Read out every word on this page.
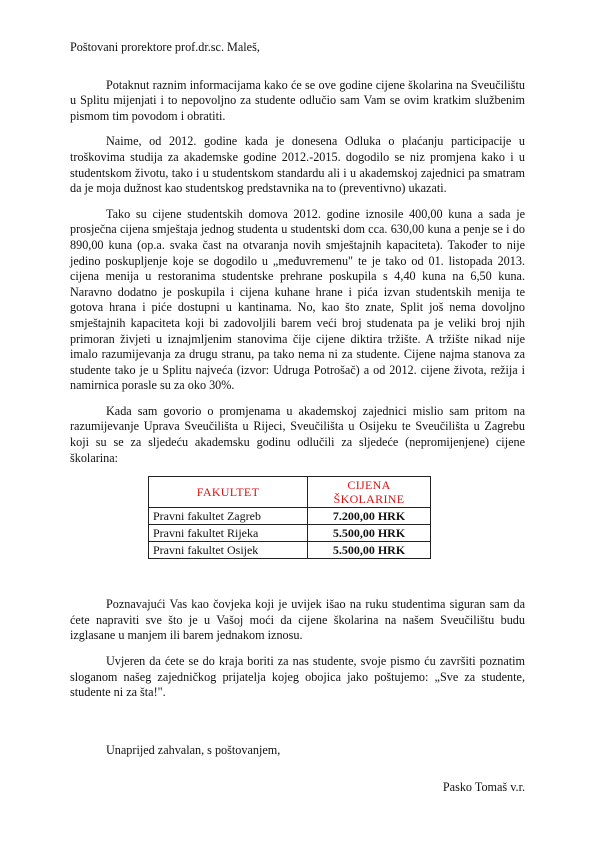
Poštovani prorektore prof.dr.sc. Maleš,

Potaknut raznim informacijama kako će se ove godine cijene školarina na Sveučilištu u Splitu mijenjati i to nepovoljno za studente odlučio sam Vam se ovim kratkim službenim pismom tim povodom i obratiti.

Naime, od 2012. godine kada je donesena Odluka o plaćanju participacije u troškovima studija za akademske godine 2012.-2015. dogodilo se niz promjena kako i u studentskom životu, tako i u studentskom standardu ali i u akademskoj zajednici pa smatram da je moja dužnost kao studentskog predstavnika na to (preventivno) ukazati.

Tako su cijene studentskih domova 2012. godine iznosile 400,00 kuna a sada je prosječna cijena smještaja jednog studenta u studentski dom cca. 630,00 kuna a penje se i do 890,00 kuna (op.a. svaka čast na otvaranja novih smještajnih kapaciteta). Također to nije jedino poskupljenje koje se dogodilo u „međuvremenu" te je tako od 01. listopada 2013. cijena menija u restoranima studentske prehrane poskupila s 4,40 kuna na 6,50 kuna. Naravno dodatno je poskupila i cijena kuhane hrane i pića izvan studentskih menija te gotova hrana i piće dostupni u kantinama. No, kao što znate, Split još nema dovoljno smještajnih kapaciteta koji bi zadovoljili barem veći broj studenata pa je veliki broj njih primoran živjeti u iznajmljenim stanovima čije cijene diktira tržište. A tržište nikad nije imalo razumijevanja za drugu stranu, pa tako nema ni za studente. Cijene najma stanova za studente tako je u Splitu najveća (izvor: Udruga Potrošač) a od 2012. cijene života, režija i namirnica porasle su za oko 30%.

Kada sam govorio o promjenama u akademskoj zajednici mislio sam pritom na razumijevanje Uprava Sveučilišta u Rijeci, Sveučilišta u Osijeku te Sveučilišta u Zagrebu koji su se za sljedeću akademsku godinu odlučili za sljedeće (nepromijenjene) cijene školarina:

FAKULTET	CIJENA ŠKOLARINE
Pravni fakultet Zagreb	7.200,00 HRK
Pravni fakultet Rijeka	5.500,00 HRK
Pravni fakultet Osijek	5.500,00 HRK

Poznavajući Vas kao čovjeka koji je uvijek išao na ruku studentima siguran sam da ćete napraviti sve što je u Vašoj moći da cijene školarina na našem Sveučilištu budu izglasane u manjem ili barem jednakom iznosu.

Uvjeren da ćete se do kraja boriti za nas studente, svoje pismo ću završiti poznatim sloganom našeg zajedničkog prijatelja kojeg obojica jako poštujemo: „Sve za studente, studente ni za šta!".

Unaprijed zahvalan, s poštovanjem,

Pasko Tomaš v.r.
